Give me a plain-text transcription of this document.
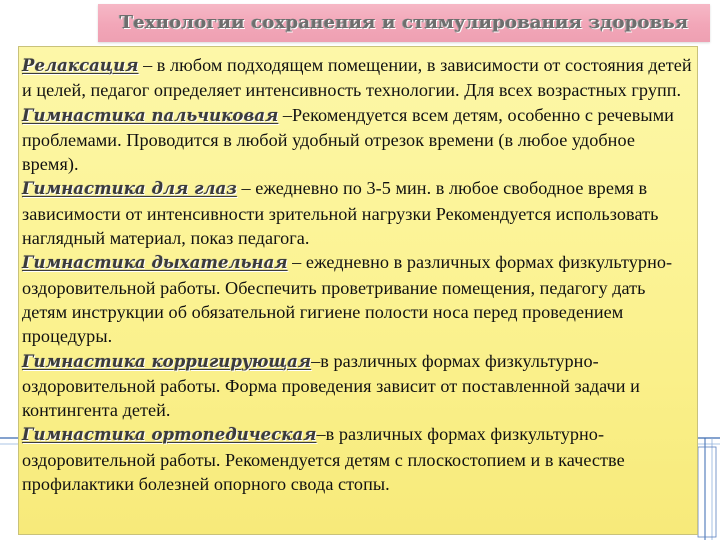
Технологии сохранения и стимулирования здоровья

Релаксация – в любом подходящем помещении, в зависимости от состояния детей и целей, педагог определяет интенсивность технологии. Для всех возрастных групп.

Гимнастика пальчиковая –Рекомендуется всем детям, особенно с речевыми проблемами. Проводится в любой удобный отрезок времени (в любое удобное время).

Гимнастика для глаз – ежедневно по 3-5 мин. в любое свободное время в зависимости от интенсивности зрительной нагрузки Рекомендуется использовать наглядный материал, показ педагога.

Гимнастика дыхательная – ежедневно в различных формах физкультурно-оздоровительной работы. Обеспечить проветривание помещения, педагогу дать детям инструкции об обязательной гигиене полости носа перед проведением процедуры.

Гимнастика корригирующая–в различных формах физкультурно-оздоровительной работы. Форма проведения зависит от поставленной задачи и контингента детей.

Гимнастика ортопедическая–в различных формах физкультурно-оздоровительной работы. Рекомендуется детям с плоскостопием и в качестве профилактики болезней опорного свода стопы.
